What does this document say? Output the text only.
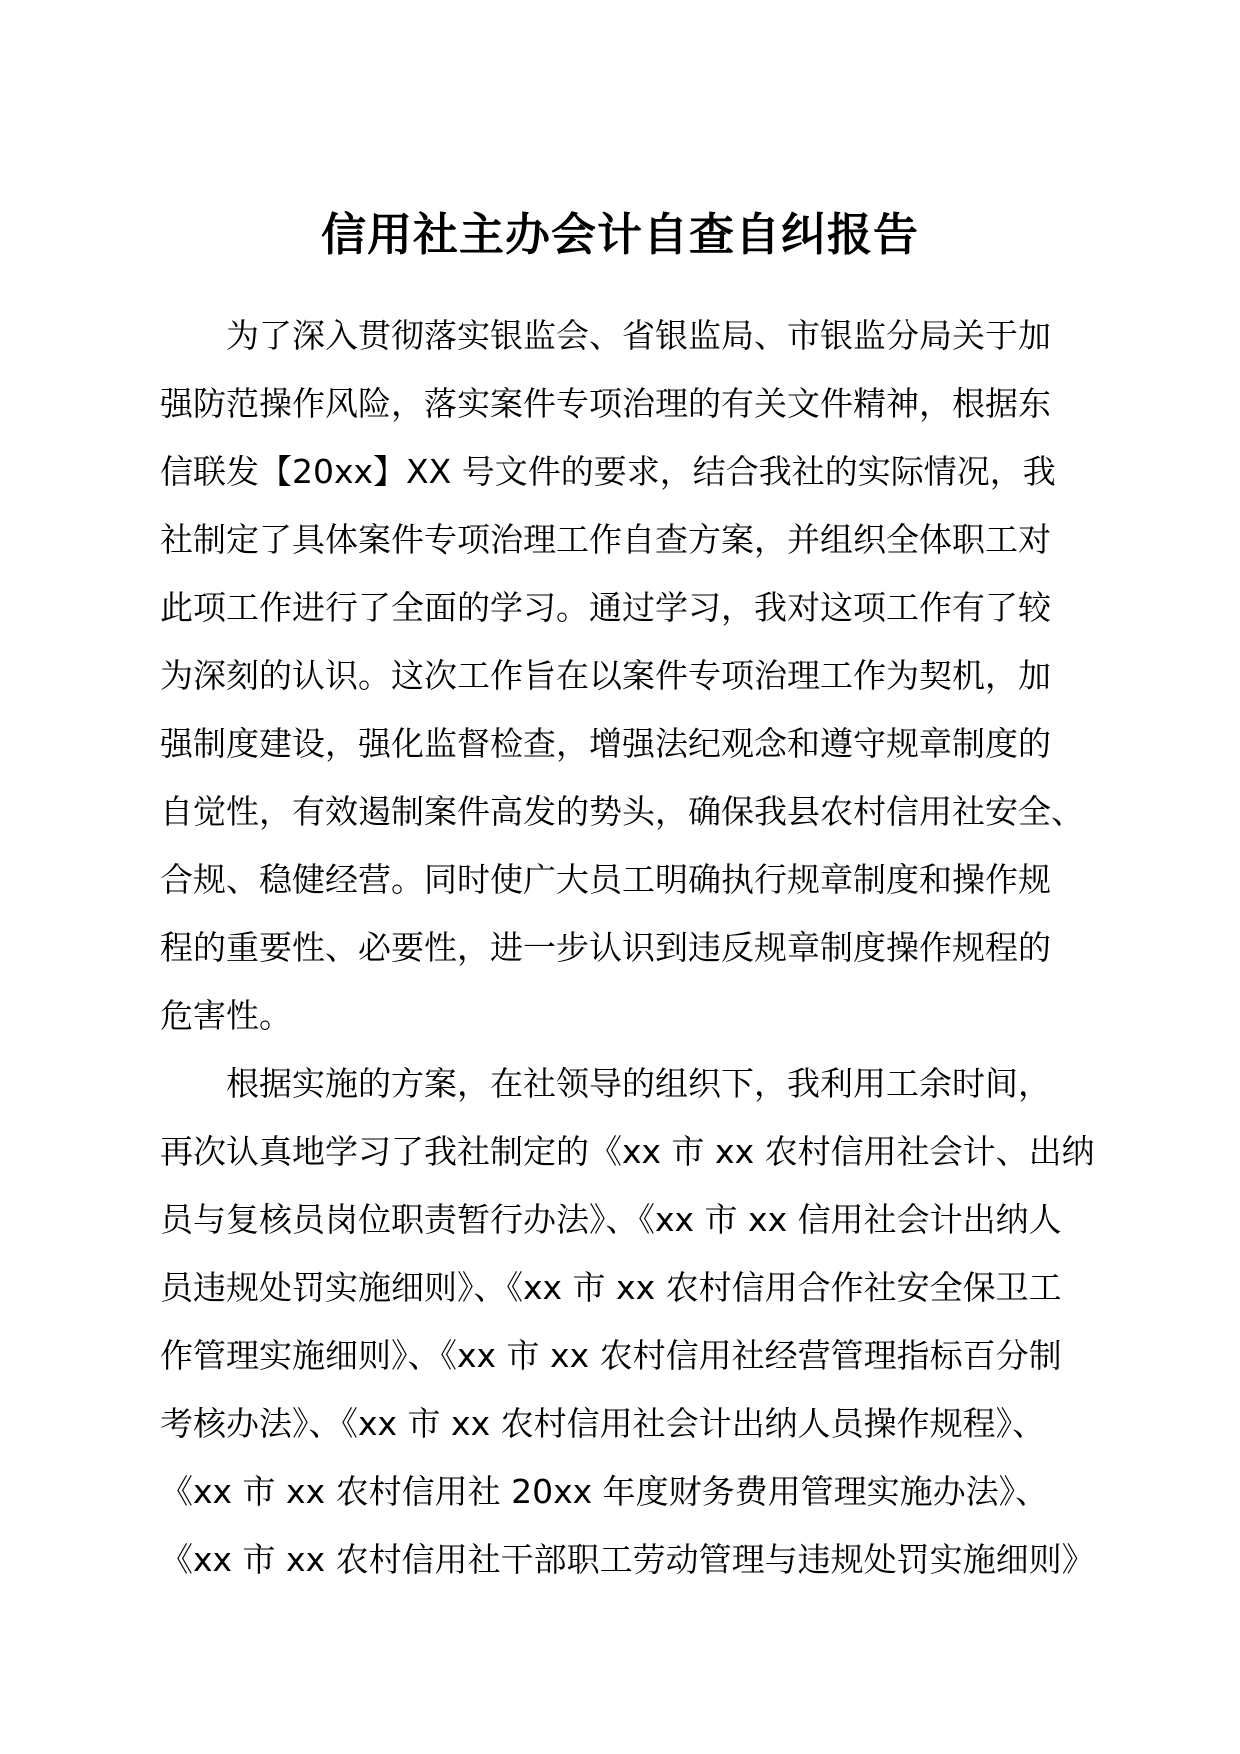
信用社主办会计自查自纠报告
为了深入贯彻落实银监会、省银监局、市银监分局关于加
强防范操作风险，落实案件专项治理的有关文件精神，根据东
信联发【20xx】XX 号文件的要求，结合我社的实际情况，我
社制定了具体案件专项治理工作自查方案，并组织全体职工对
此项工作进行了全面的学习。通过学习，我对这项工作有了较
为深刻的认识。这次工作旨在以案件专项治理工作为契机，加
强制度建设，强化监督检查，增强法纪观念和遵守规章制度的
自觉性，有效遏制案件高发的势头，确保我县农村信用社安全、
合规、稳健经营。同时使广大员工明确执行规章制度和操作规
程的重要性、必要性，进一步认识到违反规章制度操作规程的
危害性。
根据实施的方案，在社领导的组织下，我利用工余时间，
再次认真地学习了我社制定的《xx 市 xx 农村信用社会计、出纳
员与复核员岗位职责暂行办法》、《xx 市 xx 信用社会计出纳人
员违规处罚实施细则》、《xx 市 xx 农村信用合作社安全保卫工
作管理实施细则》、《xx 市 xx 农村信用社经营管理指标百分制
考核办法》、《xx 市 xx 农村信用社会计出纳人员操作规程》、
《xx 市 xx 农村信用社 20xx 年度财务费用管理实施办法》、
《xx 市 xx 农村信用社干部职工劳动管理与违规处罚实施细则》
